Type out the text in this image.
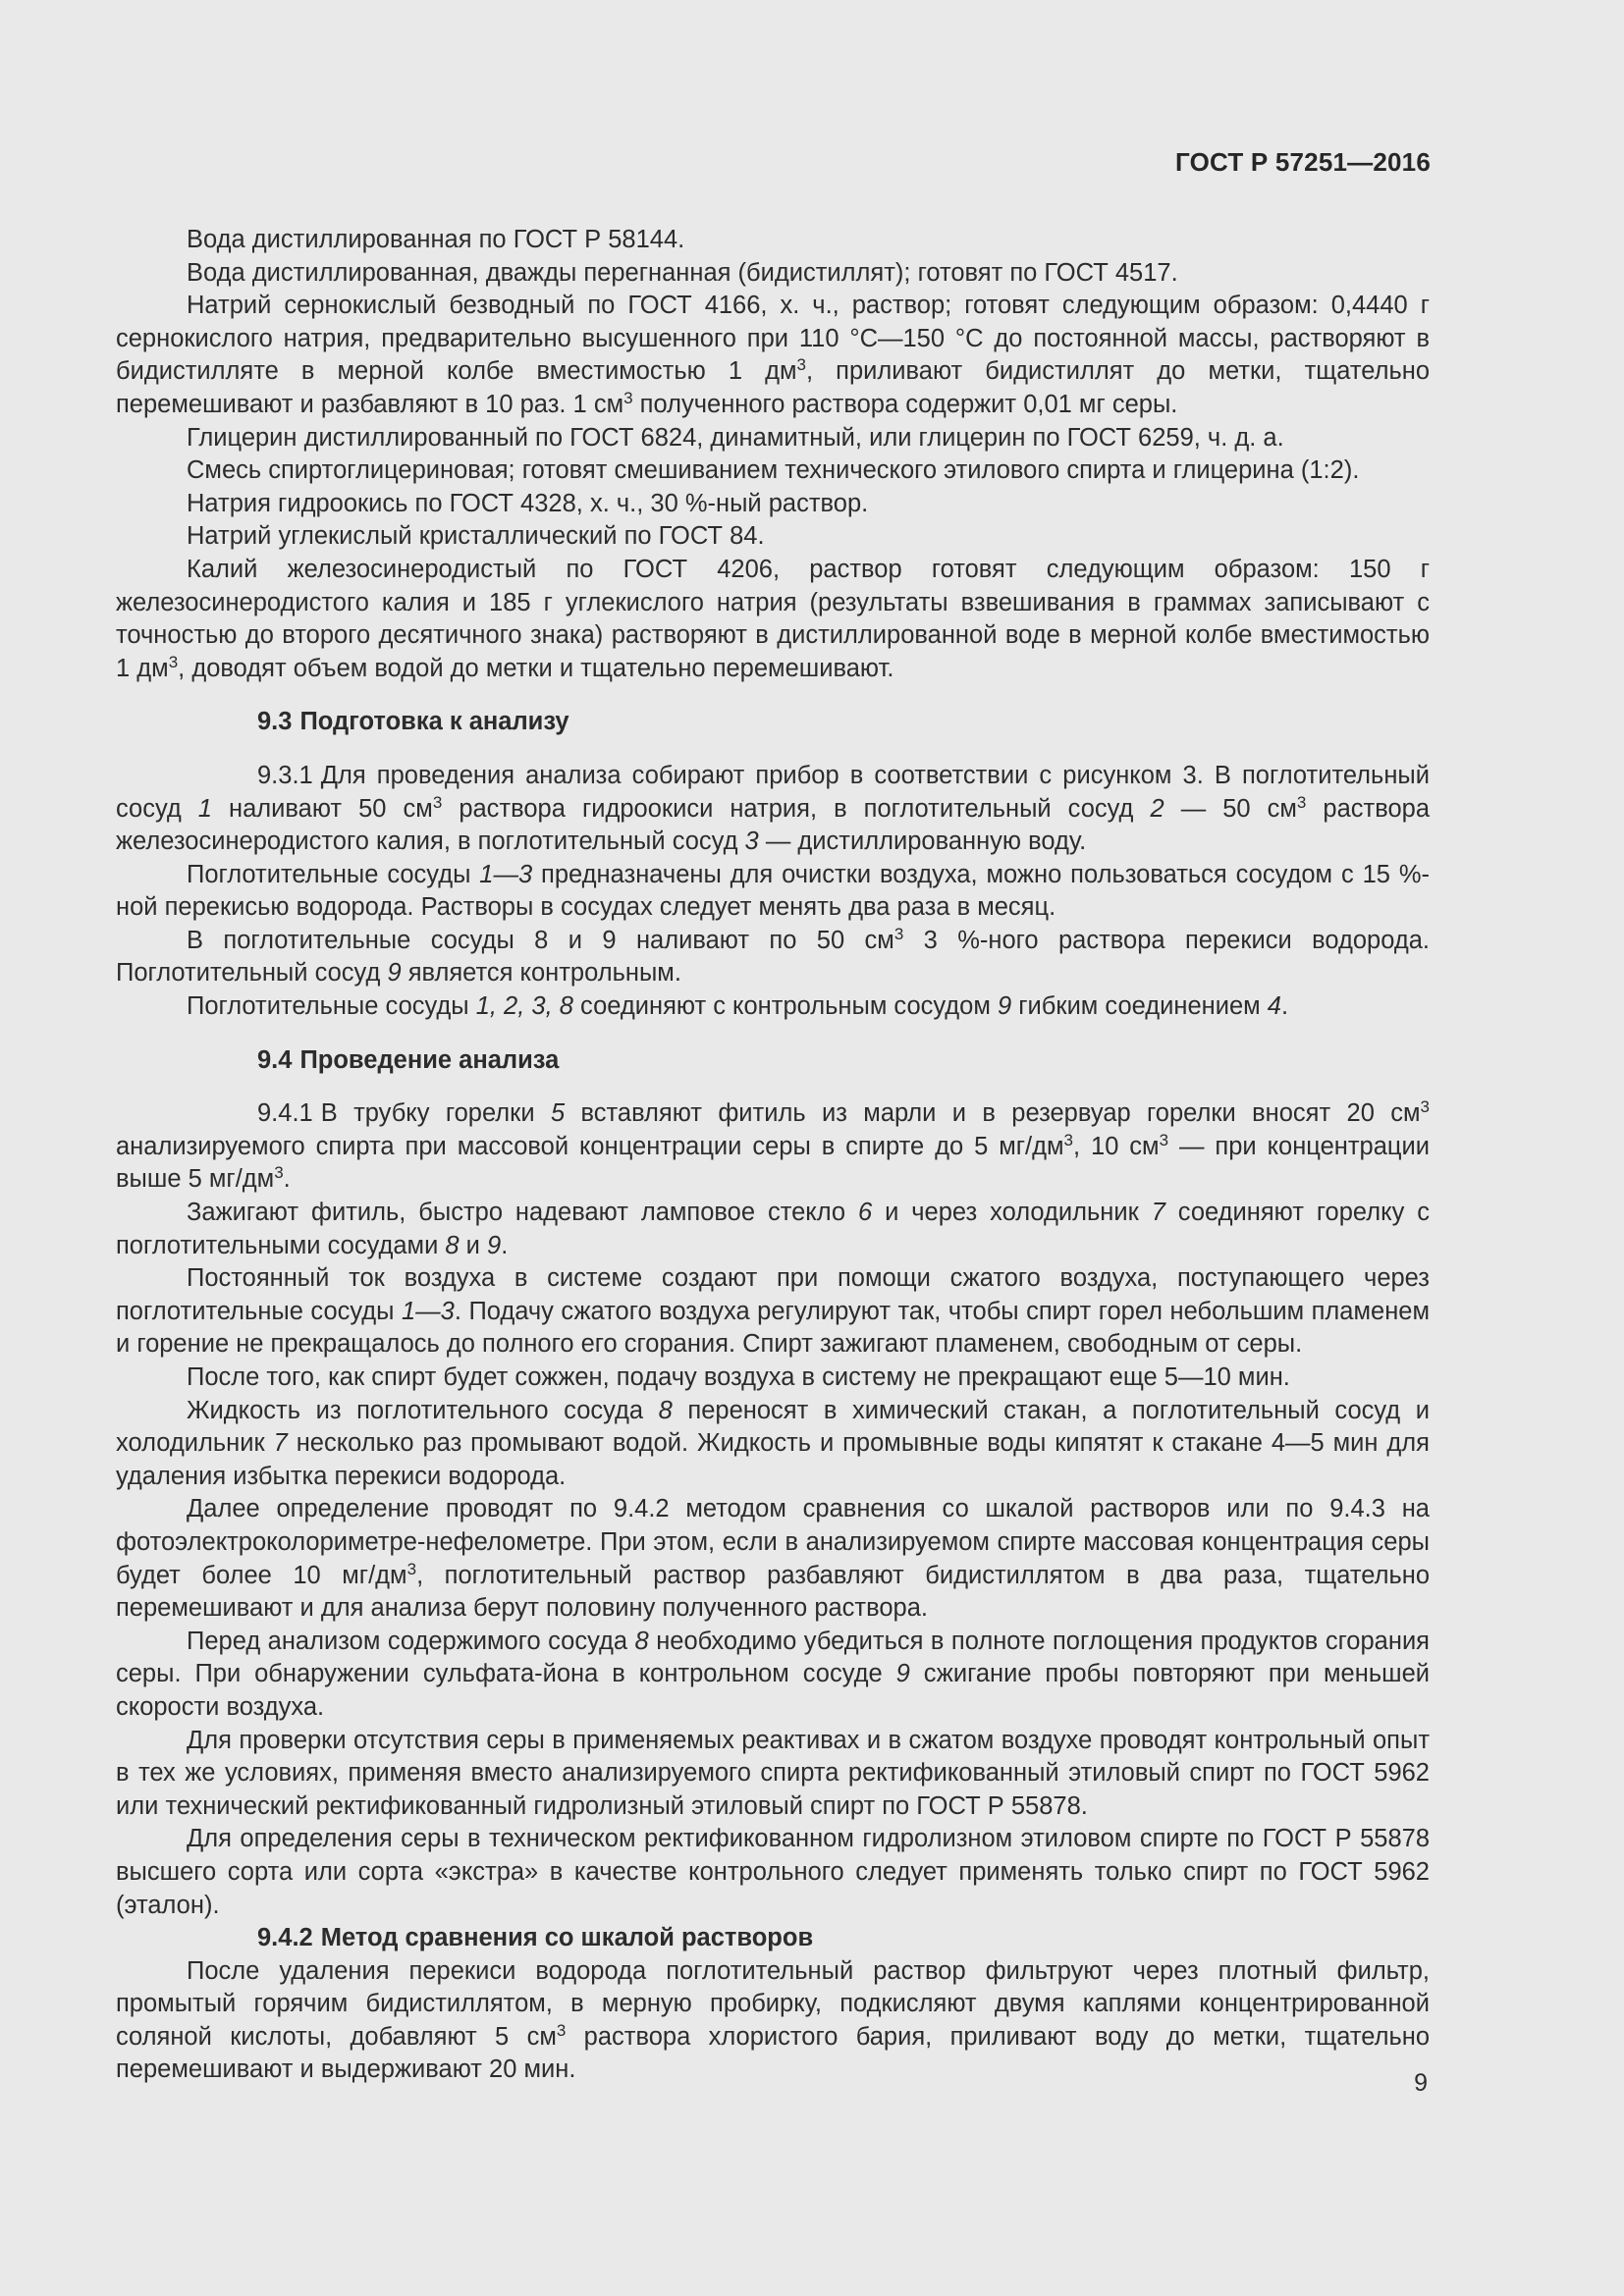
ГОСТ Р 57251—2016

Вода дистиллированная по ГОСТ Р 58144.

Вода дистиллированная, дважды перегнанная (бидистиллят); готовят по ГОСТ 4517.

Натрий сернокислый безводный по ГОСТ 4166, х. ч., раствор; готовят следующим образом: 0,4440 г сернокислого натрия, предварительно высушенного при 110 °С—150 °С до постоянной массы, растворяют в бидистилляте в мерной колбе вместимостью 1 $дм^3$, приливают бидистиллят до метки, тщательно перемешивают и разбавляют в 10 раз. 1 $см^3$ полученного раствора содержит 0,01 мг серы.

Глицерин дистиллированный по ГОСТ 6824, динамитный, или глицерин по ГОСТ 6259, ч. д. а.

Смесь спиртоглицериновая; готовят смешиванием технического этилового спирта и глицерина (1:2).

Натрия гидроокись по ГОСТ 4328, х. ч., 30 %-ный раствор.

Натрий углекислый кристаллический по ГОСТ 84.

Калий железосинеродистый по ГОСТ 4206, раствор готовят следующим образом: 150 г железосинеродистого калия и 185 г углекислого натрия (результаты взвешивания в граммах записывают с точностью до второго десятичного знака) растворяют в дистиллированной воде в мерной колбе вместимостью 1 $дм^3$, доводят объем водой до метки и тщательно перемешивают.

9.3 Подготовка к анализу

9.3.1 Для проведения анализа собирают прибор в соответствии с рисунком 3. В поглотительный сосуд 1 наливают 50 $см^3$ раствора гидроокиси натрия, в поглотительный сосуд 2 — 50 $см^3$ раствора железосинеродистого калия, в поглотительный сосуд 3 — дистиллированную воду.

Поглотительные сосуды 1—3 предназначены для очистки воздуха, можно пользоваться сосудом с 15 %-ной перекисью водорода. Растворы в сосудах следует менять два раза в месяц.

В поглотительные сосуды 8 и 9 наливают по 50 $см^3$ 3 %-ного раствора перекиси водорода. Поглотительный сосуд 9 является контрольным.

Поглотительные сосуды 1, 2, 3, 8 соединяют с контрольным сосудом 9 гибким соединением 4.

9.4 Проведение анализа

9.4.1 В трубку горелки 5 вставляют фитиль из марли и в резервуар горелки вносят 20 $см^3$ анализируемого спирта при массовой концентрации серы в спирте до 5 $мг/дм^3$, 10 $см^3$ — при концентрации выше 5 $мг/дм^3$.

Зажигают фитиль, быстро надевают ламповое стекло 6 и через холодильник 7 соединяют горелку с поглотительными сосудами 8 и 9.

Постоянный ток воздуха в системе создают при помощи сжатого воздуха, поступающего через поглотительные сосуды 1—3. Подачу сжатого воздуха регулируют так, чтобы спирт горел небольшим пламенем и горение не прекращалось до полного его сгорания. Спирт зажигают пламенем, свободным от серы.

После того, как спирт будет сожжен, подачу воздуха в систему не прекращают еще 5—10 мин.

Жидкость из поглотительного сосуда 8 переносят в химический стакан, а поглотительный сосуд и холодильник 7 несколько раз промывают водой. Жидкость и промывные воды кипятят к стакане 4—5 мин для удаления избытка перекиси водорода.

Далее определение проводят по 9.4.2 методом сравнения со шкалой растворов или по 9.4.3 на фотоэлектроколориметре-нефелометре. При этом, если в анализируемом спирте массовая концентрация серы будет более 10 $мг/дм^3$, поглотительный раствор разбавляют бидистиллятом в два раза, тщательно перемешивают и для анализа берут половину полученного раствора.

Перед анализом содержимого сосуда 8 необходимо убедиться в полноте поглощения продуктов сгорания серы. При обнаружении сульфата-йона в контрольном сосуде 9 сжигание пробы повторяют при меньшей скорости воздуха.

Для проверки отсутствия серы в применяемых реактивах и в сжатом воздухе проводят контрольный опыт в тех же условиях, применяя вместо анализируемого спирта ректификованный этиловый спирт по ГОСТ 5962 или технический ректификованный гидролизный этиловый спирт по ГОСТ Р 55878.

Для определения серы в техническом ректификованном гидролизном этиловом спирте по ГОСТ Р 55878 высшего сорта или сорта «экстра» в качестве контрольного следует применять только спирт по ГОСТ 5962 (эталон).

9.4.2 Метод сравнения со шкалой растворов

После удаления перекиси водорода поглотительный раствор фильтруют через плотный фильтр, промытый горячим бидистиллятом, в мерную пробирку, подкисляют двумя каплями концентрированной соляной кислоты, добавляют 5 $см^3$ раствора хлористого бария, приливают воду до метки, тщательно перемешивают и выдерживают 20 мин.	9
